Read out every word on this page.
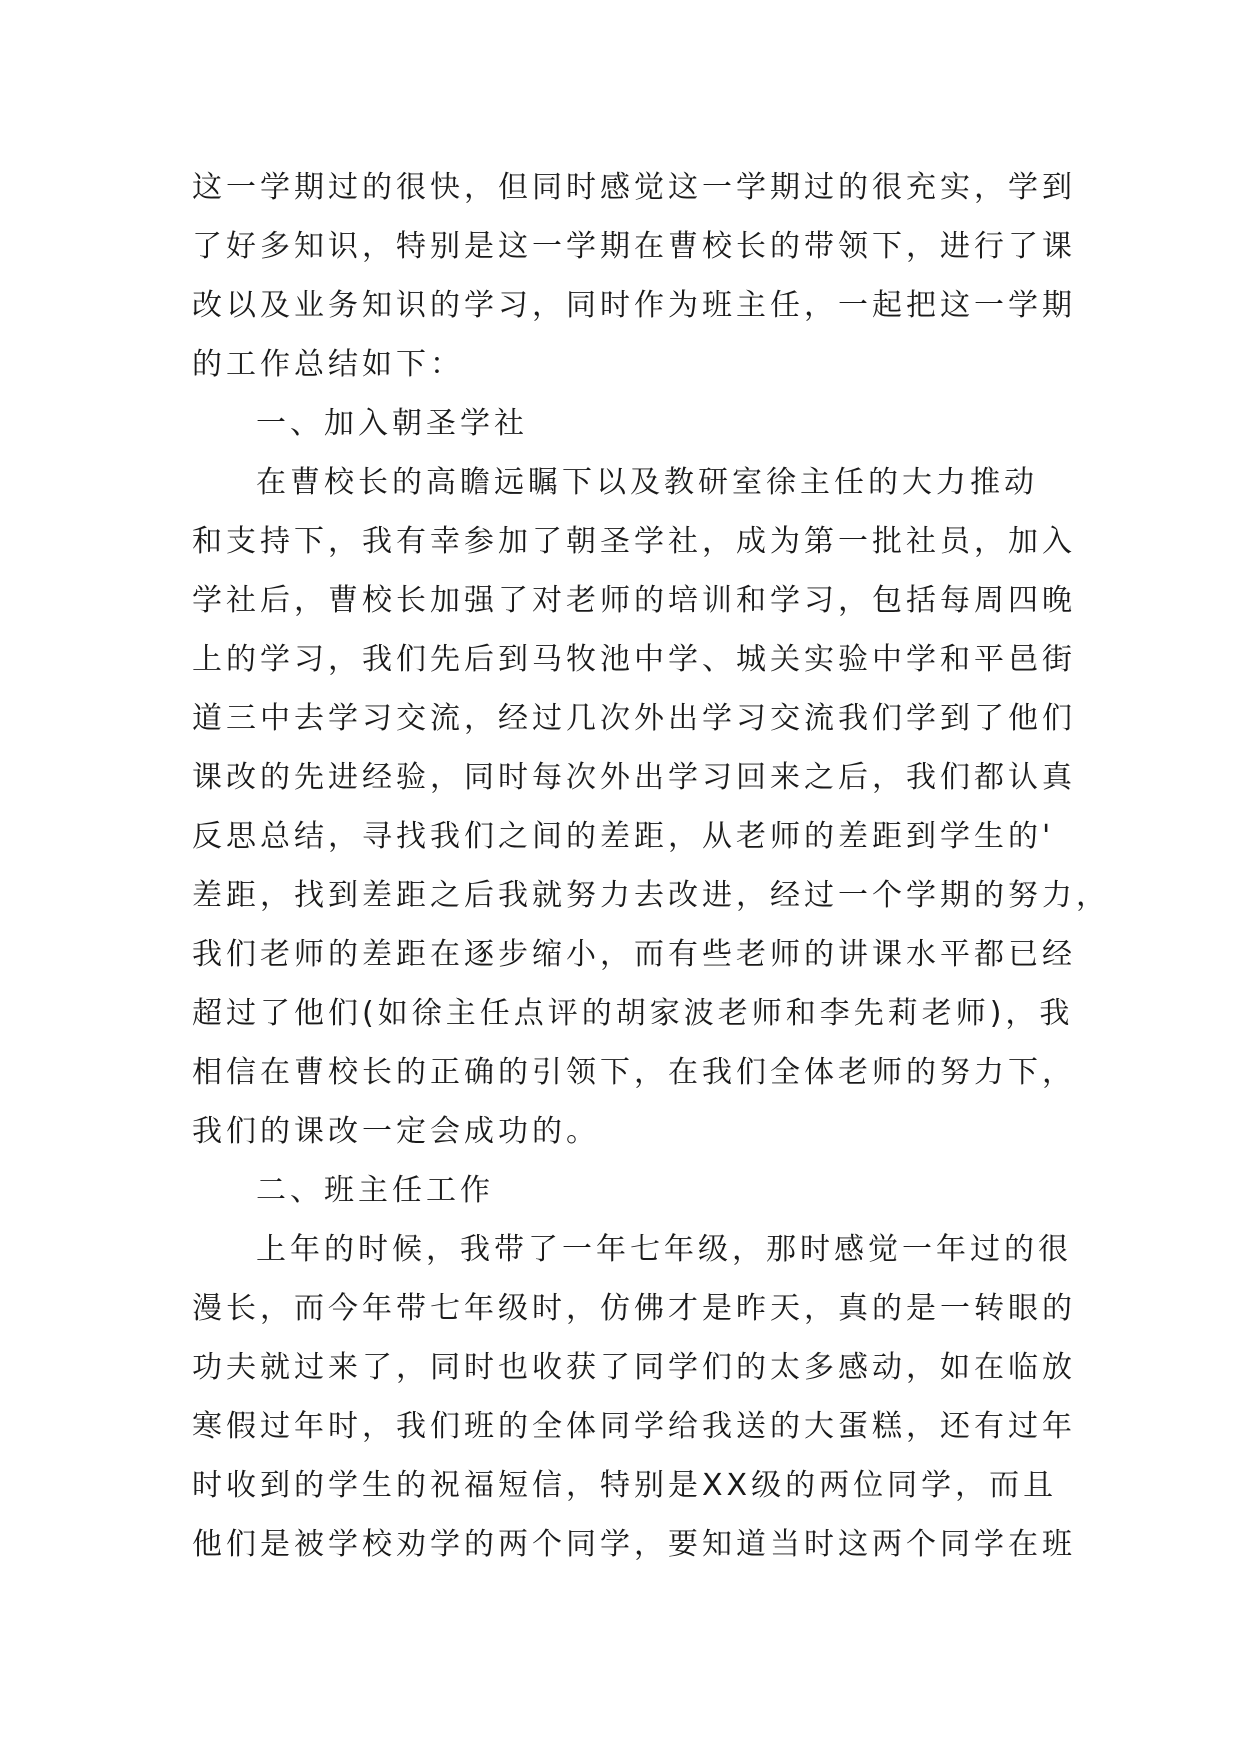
这一学期过的很快，但同时感觉这一学期过的很充实，学到
了好多知识，特别是这一学期在曹校长的带领下，进行了课
改以及业务知识的学习，同时作为班主任，一起把这一学期
的工作总结如下：
一、加入朝圣学社
在曹校长的高瞻远瞩下以及教研室徐主任的大力推动
和支持下，我有幸参加了朝圣学社，成为第一批社员，加入
学社后，曹校长加强了对老师的培训和学习，包括每周四晚
上的学习，我们先后到马牧池中学、城关实验中学和平邑街
道三中去学习交流，经过几次外出学习交流我们学到了他们
课改的先进经验，同时每次外出学习回来之后，我们都认真
反思总结，寻找我们之间的差距，从老师的差距到学生的'
差距，找到差距之后我就努力去改进，经过一个学期的努力，
我们老师的差距在逐步缩小，而有些老师的讲课水平都已经
超过了他们(如徐主任点评的胡家波老师和李先莉老师)，我
相信在曹校长的正确的引领下，在我们全体老师的努力下，
我们的课改一定会成功的。
二、班主任工作
上年的时候，我带了一年七年级，那时感觉一年过的很
漫长，而今年带七年级时，仿佛才是昨天，真的是一转眼的
功夫就过来了，同时也收获了同学们的太多感动，如在临放
寒假过年时，我们班的全体同学给我送的大蛋糕，还有过年
时收到的学生的祝福短信，特别是XX级的两位同学，而且
他们是被学校劝学的两个同学，要知道当时这两个同学在班
